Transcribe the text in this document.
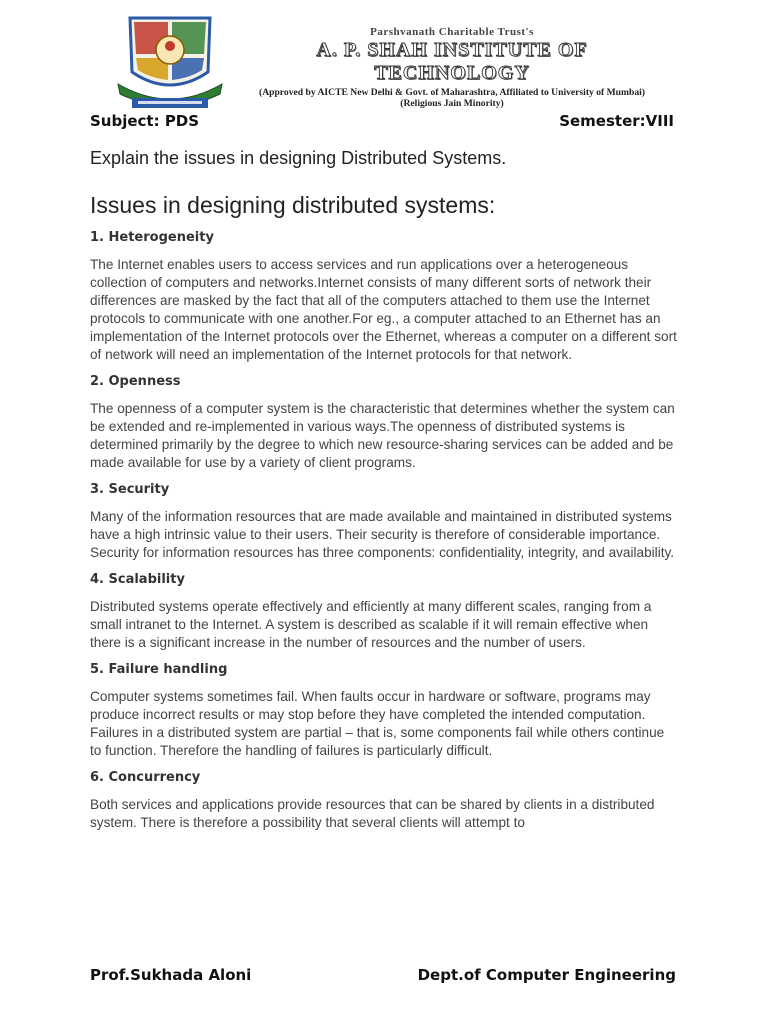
Parshvanath Charitable Trust's
A. P. SHAH INSTITUTE OF TECHNOLOGY
(Approved by AICTE New Delhi & Govt. of Maharashtra, Affiliated to University of Mumbai)
(Religious Jain Minority)
Subject: PDS	Semester:VIII
Explain the issues in designing Distributed Systems.
Issues in designing distributed systems:
1. Heterogeneity

The Internet enables users to access services and run applications over a heterogeneous collection of computers and networks.Internet consists of many different sorts of network their differences are masked by the fact that all of the computers attached to them use the Internet protocols to communicate with one another.For eg., a computer attached to an Ethernet has an implementation of the Internet protocols over the Ethernet, whereas a computer on a different sort of network will need an implementation of the Internet protocols for that network.

2. Openness

The openness of a computer system is the characteristic that determines whether the system can be extended and re-implemented in various ways.The openness of distributed systems is determined primarily by the degree to which new resource-sharing services can be added and be made available for use by a variety of client programs.

3. Security

Many of the information resources that are made available and maintained in distributed systems have a high intrinsic value to their users. Their security is therefore of considerable importance. Security for information resources has three components: confidentiality, integrity, and availability.

4. Scalability

Distributed systems operate effectively and efficiently at many different scales, ranging from a small intranet to the Internet. A system is described as scalable if it will remain effective when there is a significant increase in the number of resources and the number of users.

5. Failure handling

Computer systems sometimes fail. When faults occur in hardware or software, programs may produce incorrect results or may stop before they have completed the intended computation. Failures in a distributed system are partial – that is, some components fail while others continue to function. Therefore the handling of failures is particularly difficult.

6. Concurrency

Both services and applications provide resources that can be shared by clients in a distributed system. There is therefore a possibility that several clients will attempt to

Prof.Sukhada Aloni	Dept.of Computer Engineering
